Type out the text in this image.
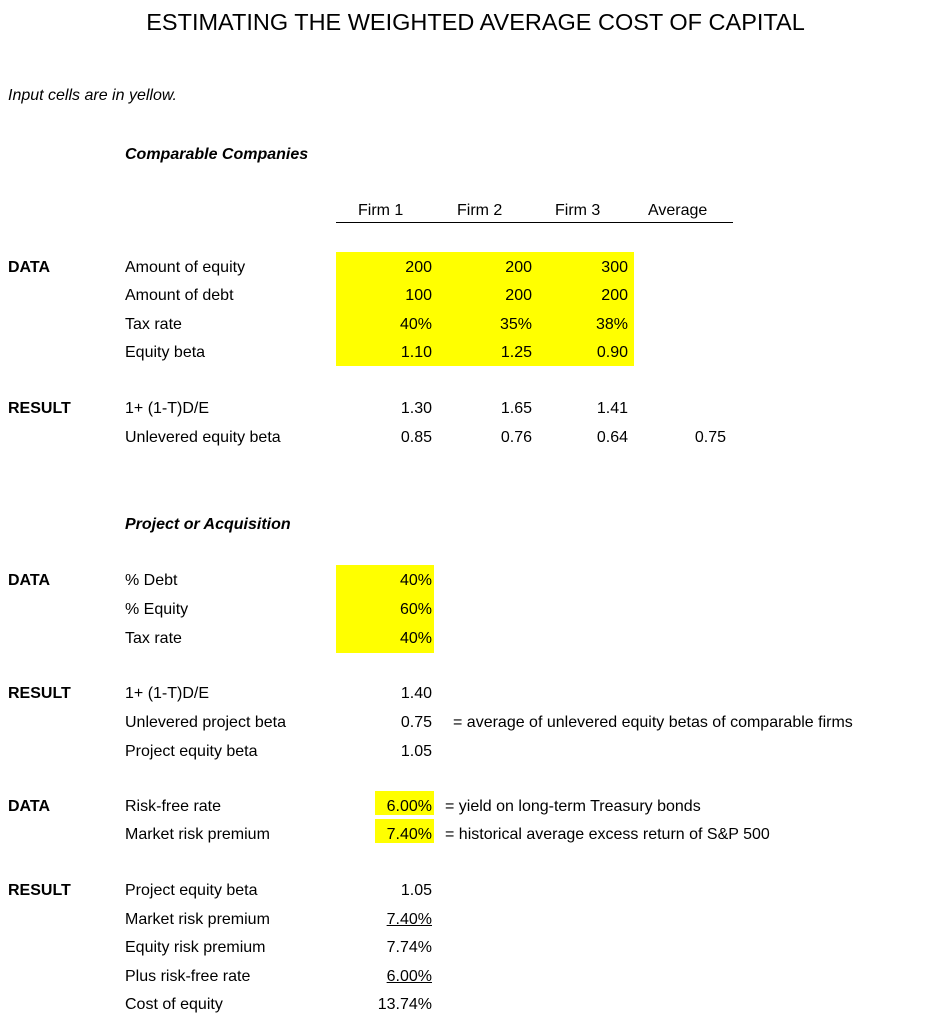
ESTIMATING THE WEIGHTED AVERAGE COST OF CAPITAL
Input cells are in yellow.
Comparable Companies
Firm 1	Firm 2	Firm 3	Average
DATA	Amount of equity	200	200	300
Amount of debt	100	200	200
Tax rate	40%	35%	38%
Equity beta	1.10	1.25	0.90
RESULT	1+ (1-T)D/E	1.30	1.65	1.41
Unlevered equity beta	0.85	0.76	0.64	0.75
Project or Acquisition
DATA	% Debt	40%
% Equity	60%
Tax rate	40%
RESULT	1+ (1-T)D/E	1.40
Unlevered project beta	0.75 = average of unlevered equity betas of comparable firms
Project equity beta	1.05
DATA	Risk-free rate	6.00% = yield on long-term Treasury bonds
Market risk premium	7.40% = historical average excess return of S&P 500
RESULT	Project equity beta	1.05
Market risk premium	7.40%
Equity risk premium	7.74%
Plus risk-free rate	6.00%
Cost of equity	13.74%
